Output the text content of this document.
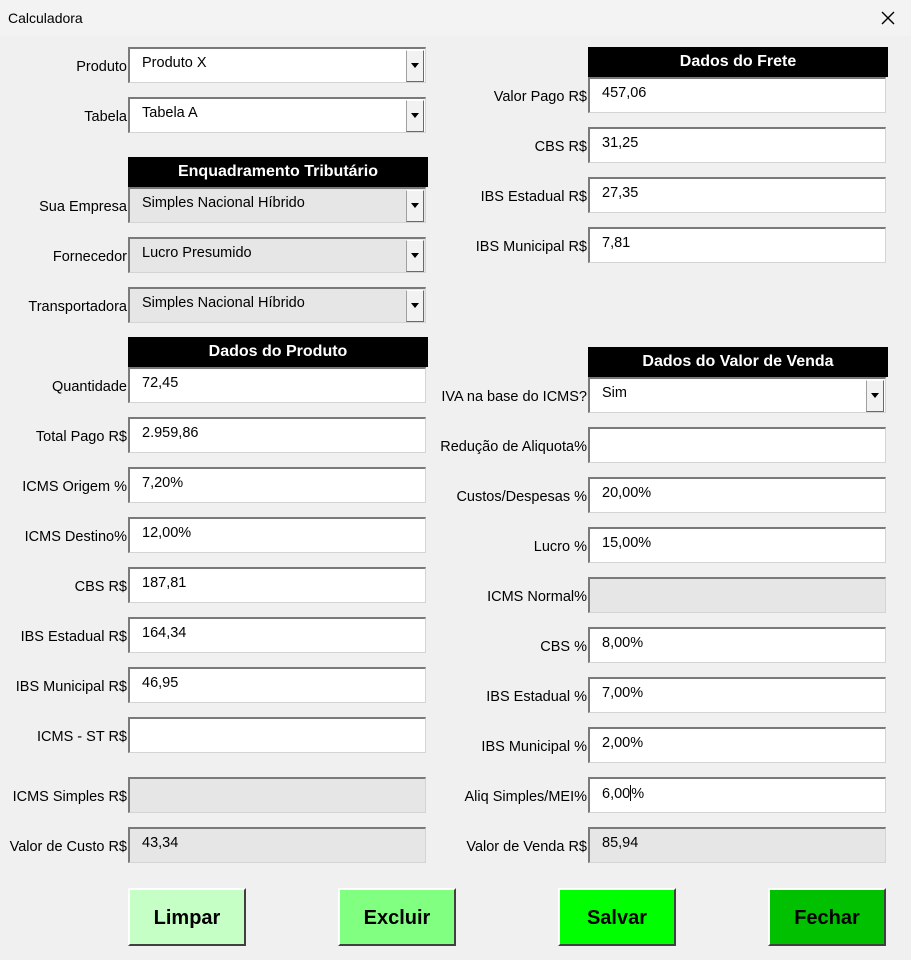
Calculadora
Produto	Produto X
Tabela	Tabela A
Enquadramento Tributário
Sua Empresa	Simples Nacional Híbrido
Fornecedor	Lucro Presumido
Transportadora	Simples Nacional Híbrido
Dados do Produto
Quantidade	72,45
Total Pago R$	2.959,86
ICMS Origem %	7,20%
ICMS Destino%	12,00%
CBS R$	187,81
IBS Estadual R$	164,34
IBS Municipal R$	46,95
ICMS - ST R$
ICMS Simples R$
Valor de Custo R$	43,34
Dados do Frete
Valor Pago R$	457,06
CBS R$	31,25
IBS Estadual R$	27,35
IBS Municipal R$	7,81
Dados do Valor de Venda
IVA na base do ICMS?	Sim
Redução de Aliquota%
Custos/Despesas %	20,00%
Lucro %	15,00%
ICMS Normal%
CBS %	8,00%
IBS Estadual %	7,00%
IBS Municipal %	2,00%
Aliq Simples/MEI%	6,00%
Valor de Venda R$	85,94
Limpar	Excluir	Salvar	Fechar
